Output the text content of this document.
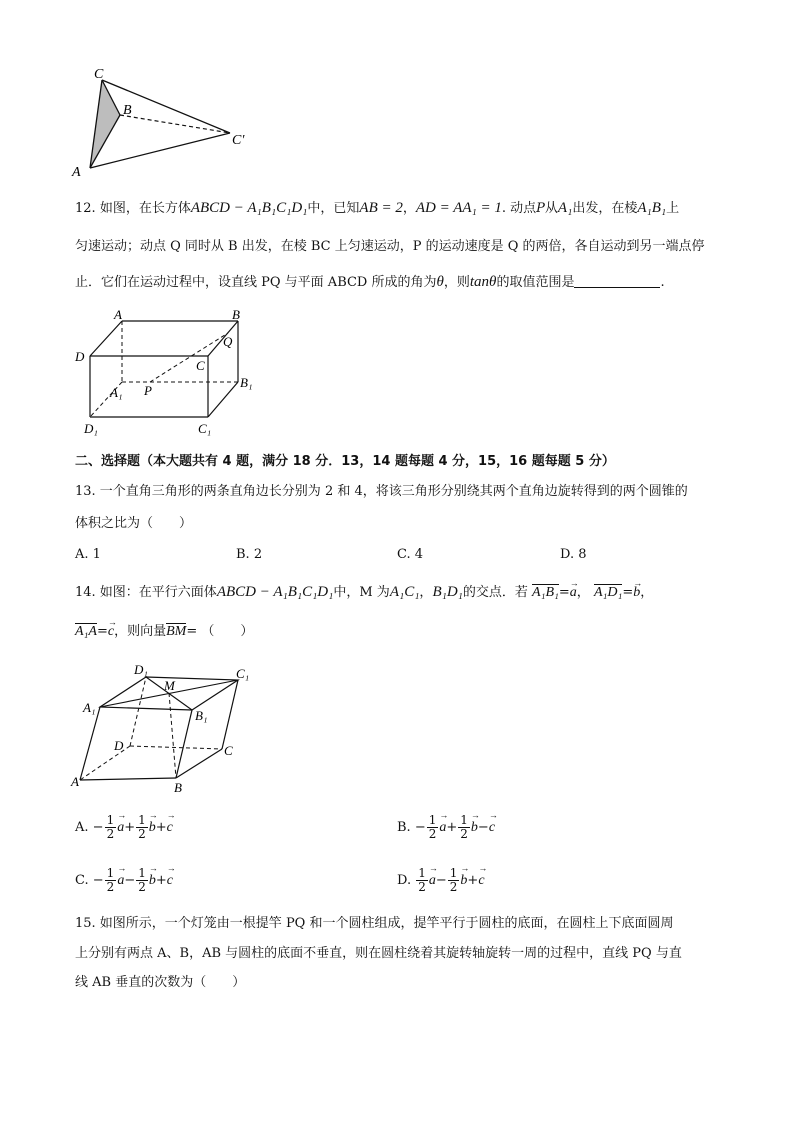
C
B
A
C′
12. 如图，在长方体ABCD − A₁B₁C₁D₁中，已知AB = 2，AD = AA₁ = 1. 动点P从A₁出发，在棱A₁B₁上
匀速运动；动点 Q 同时从 B 出发，在棱 BC 上匀速运动，P 的运动速度是 Q 的两倍，各自运动到另一端点停
止．它们在运动过程中，设直线 PQ 与平面 ABCD 所成的角为θ，则tanθ的取值范围是	.
A	B
Q
D
C
B₁
A₁ P
D₁	C₁
二、选择题（本大题共有 4 题，满分 18 分．13，14 题每题 4 分，15，16 题每题 5 分）
13. 一个直角三角形的两条直角边长分别为 2 和 4，将该三角形分别绕其两个直角边旋转得到的两个圆锥的
体积之比为（　　）
A. 1	B. 2	C. 4	D. 8
14. 如图：在平行六面体ABCD − A₁B₁C₁D₁中，M 为A₁C₁，B₁D₁的交点．若 A₁B₁=→ a， A₁D₁=→ b，
A₁A=→ c，则向量BM= （　　）
D₁	C₁
M
A₁
B₁
D	C
A	B
A. − $\frac{1}{2}$
→ $a+ \frac{1}{2}$
→ b+→ c	B. − $\frac{1}{2}$
→ $a+ \frac{1}{2}$
→ b−→ c
C. − $\frac{1}{2}$
→ $a- \frac{1}{2}$
→ b+→ c	D. $\frac{1}{2}$
→ $a- \frac{1}{2}$
→ b+→ c
15. 如图所示，一个灯笼由一根提竿 PQ 和一个圆柱组成，提竿平行于圆柱的底面，在圆柱上下底面圆周
上分别有两点 A、B，AB 与圆柱的底面不垂直，则在圆柱绕着其旋转轴旋转一周的过程中，直线 PQ 与直
线 AB 垂直的次数为（　　）
